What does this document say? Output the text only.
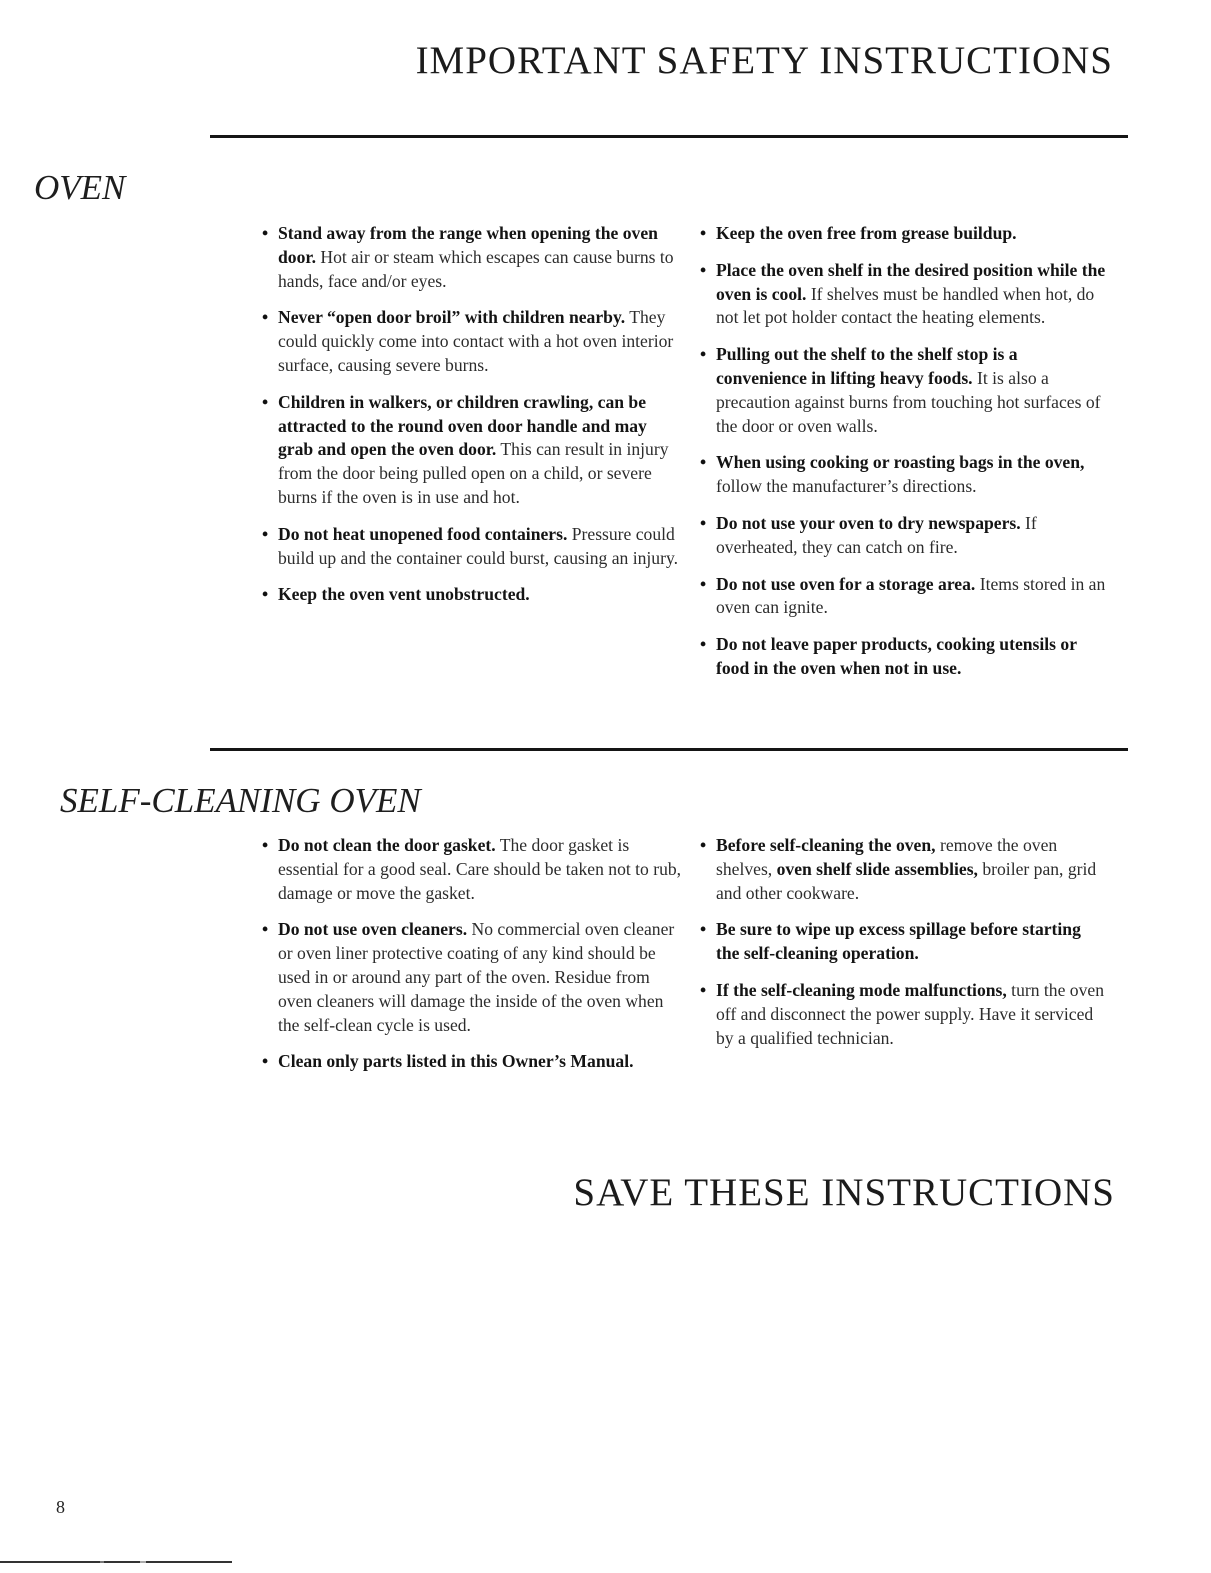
IMPORTANT SAFETY INSTRUCTIONS
OVEN
• Stand away from the range when opening the oven door. Hot air or steam which escapes can cause burns to hands, face and/or eyes.
• Never “open door broil” with children nearby. They could quickly come into contact with a hot oven interior surface, causing severe burns.
• Children in walkers, or children crawling, can be attracted to the round oven door handle and may grab and open the oven door. This can result in injury from the door being pulled open on a child, or severe burns if the oven is in use and hot.
• Do not heat unopened food containers. Pressure could build up and the container could burst, causing an injury.
• Keep the oven vent unobstructed.
• Keep the oven free from grease buildup.
• Place the oven shelf in the desired position while the oven is cool. If shelves must be handled when hot, do not let pot holder contact the heating elements.
• Pulling out the shelf to the shelf stop is a convenience in lifting heavy foods. It is also a precaution against burns from touching hot surfaces of the door or oven walls.
• When using cooking or roasting bags in the oven, follow the manufacturer’s directions.
• Do not use your oven to dry newspapers. If overheated, they can catch on fire.
• Do not use oven for a storage area. Items stored in an oven can ignite.
• Do not leave paper products, cooking utensils or food in the oven when not in use.
SELF-CLEANING OVEN
• Do not clean the door gasket. The door gasket is essential for a good seal. Care should be taken not to rub, damage or move the gasket.
• Do not use oven cleaners. No commercial oven cleaner or oven liner protective coating of any kind should be used in or around any part of the oven. Residue from oven cleaners will damage the inside of the oven when the self-clean cycle is used.
• Clean only parts listed in this Owner’s Manual.
• Before self-cleaning the oven, remove the oven shelves, oven shelf slide assemblies, broiler pan, grid and other cookware.
• Be sure to wipe up excess spillage before starting the self-cleaning operation.
• If the self-cleaning mode malfunctions, turn the oven off and disconnect the power supply. Have it serviced by a qualified technician.
SAVE THESE INSTRUCTIONS
8
